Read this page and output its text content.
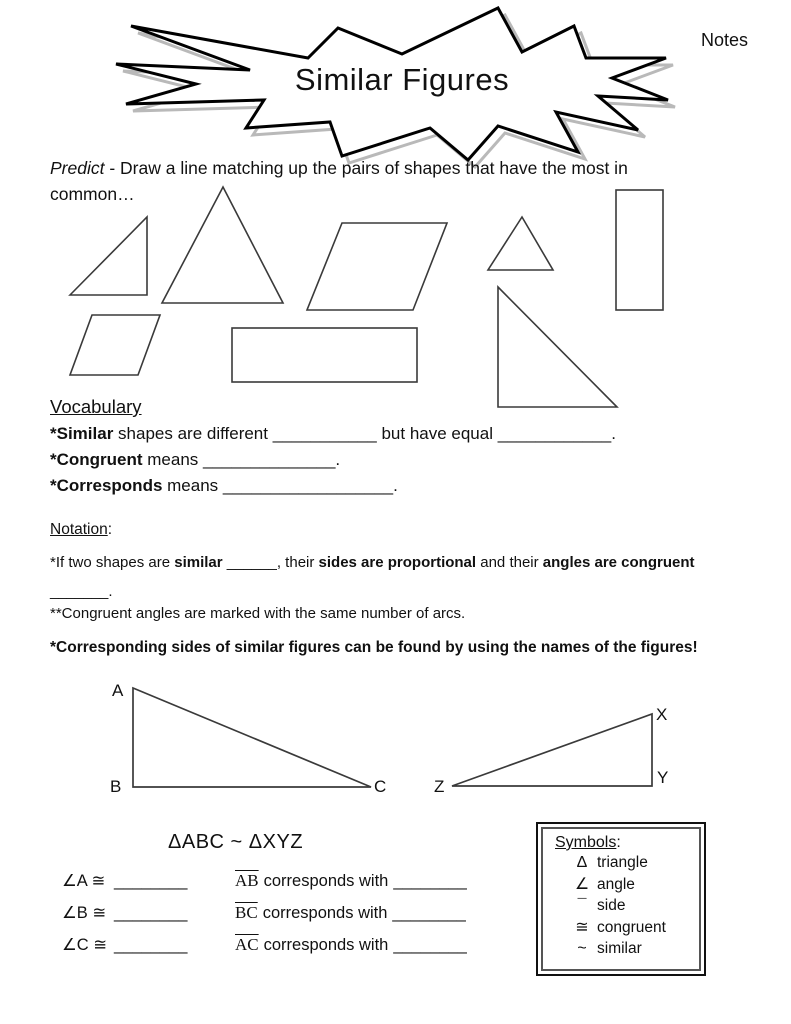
Notes
Similar Figures
Predict - Draw a line matching up the pairs of shapes that have the most in
common…
Vocabulary
*Similar shapes are different ___________ but have equal ____________.
*Congruent means ______________.
*Corresponds means __________________.
Notation:
*If two shapes are similar ______, their sides are proportional and their angles are congruent
_______.
**Congruent angles are marked with the same number of arcs.
*Corresponding sides of similar figures can be found by using the names of the figures!
A
B	C	Z
X
Y
ΔABC ~ ΔXYZ
∠A ≅ ________
∠B ≅ ________
∠C ≅ ________
$\overline{AB}$ corresponds with ________
$\overline{BC}$ corresponds with ________
$\overline{AC}$ corresponds with ________
Symbols:
Δ triangle
∠ angle
¯ side
≅ congruent
~ similar
